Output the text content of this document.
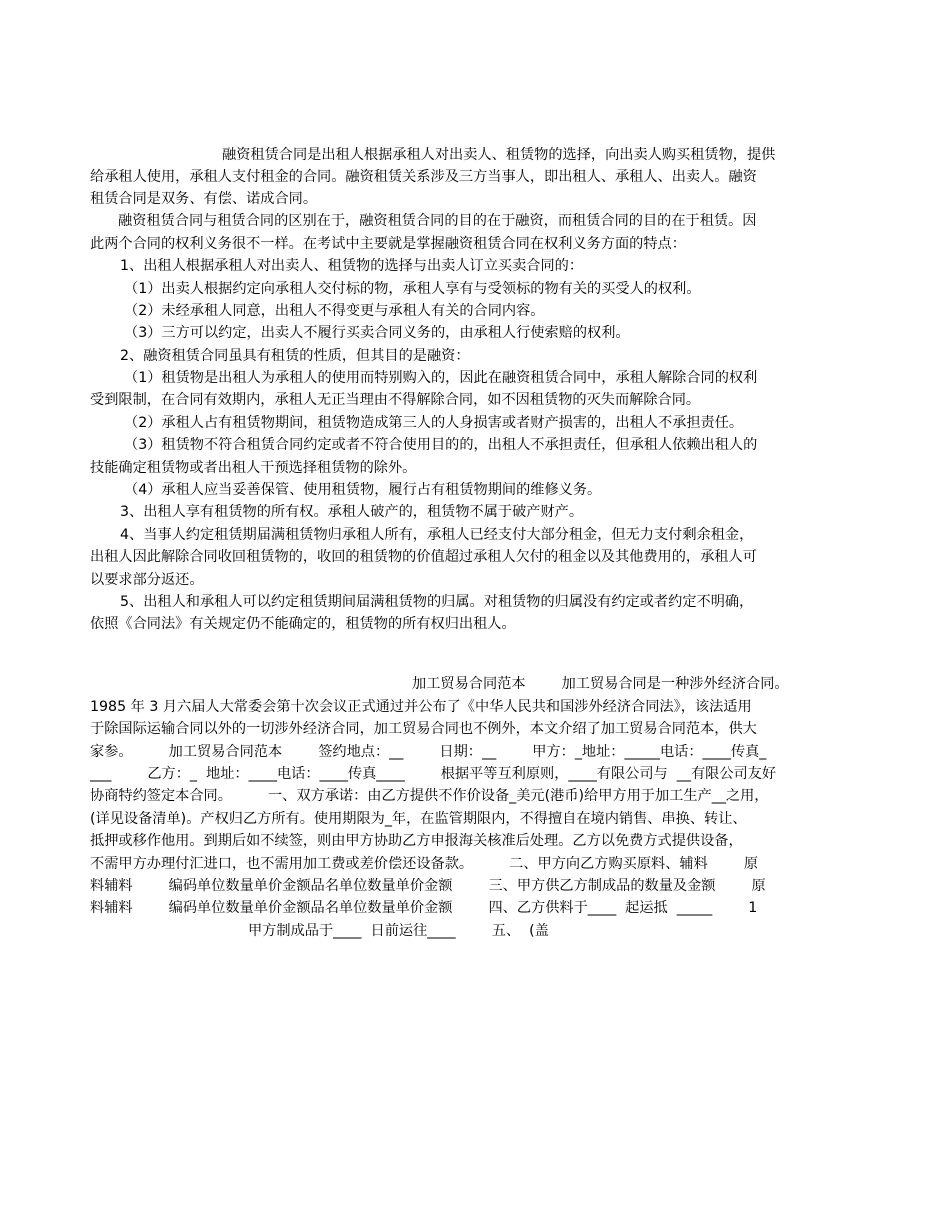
融资租赁合同是出租人根据承租人对出卖人、租赁物的选择，向出卖人购买租赁物，提供
给承租人使用，承租人支付租金的合同。融资租赁关系涉及三方当事人，即出租人、承租人、出卖人。融资
租赁合同是双务、有偿、诺成合同。
融资租赁合同与租赁合同的区别在于，融资租赁合同的目的在于融资，而租赁合同的目的在于租赁。因
此两个合同的权利义务很不一样。在考试中主要就是掌握融资租赁合同在权利义务方面的特点：
1、出租人根据承租人对出卖人、租赁物的选择与出卖人订立买卖合同的：
（1）出卖人根据约定向承租人交付标的物，承租人享有与受领标的物有关的买受人的权利。
（2）未经承租人同意，出租人不得变更与承租人有关的合同内容。
（3）三方可以约定，出卖人不履行买卖合同义务的，由承租人行使索赔的权利。
2、融资租赁合同虽具有租赁的性质，但其目的是融资：
（1）租赁物是出租人为承租人的使用而特别购入的，因此在融资租赁合同中，承租人解除合同的权利
受到限制，在合同有效期内，承租人无正当理由不得解除合同，如不因租赁物的灭失而解除合同。
（2）承租人占有租赁物期间，租赁物造成第三人的人身损害或者财产损害的，出租人不承担责任。
（3）租赁物不符合租赁合同约定或者不符合使用目的的，出租人不承担责任，但承租人依赖出租人的
技能确定租赁物或者出租人干预选择租赁物的除外。
（4）承租人应当妥善保管、使用租赁物，履行占有租赁物期间的维修义务。
3、出租人享有租赁物的所有权。承租人破产的，租赁物不属于破产财产。
4、当事人约定租赁期届满租赁物归承租人所有，承租人已经支付大部分租金，但无力支付剩余租金，
出租人因此解除合同收回租赁物的，收回的租赁物的价值超过承租人欠付的租金以及其他费用的，承租人可
以要求部分返还。
5、出租人和承租人可以约定租赁期间届满租赁物的归属。对租赁物的归属没有约定或者约定不明确，
依照《合同法》有关规定仍不能确定的，租赁物的所有权归出租人。
加工贸易合同范本        加工贸易合同是一种涉外经济合同。
1985 年 3 月六届人大常委会第十次会议正式通过并公布了《中华人民共和国涉外经济合同法》，该法适用
于除国际运输合同以外的一切涉外经济合同，加工贸易合同也不例外，本文介绍了加工贸易合同范本，供大
家参。        加工贸易合同范本        签约地点：__        日期：__        甲方：_地址：_____电话：____传真_
___        乙方：_  地址：____电话：____传真____        根据平等互利原则，____有限公司与  __有限公司友好
协商特约签定本合同。        一、双方承诺：由乙方提供不作价设备_美元(港币)给甲方用于加工生产__之用，
(详见设备清单)。产权归乙方所有。使用期限为_年，在监管期限内，不得擅自在境内销售、串换、转让、
抵押或移作他用。到期后如不续签，则由甲方协助乙方申报海关核准后处理。乙方以免费方式提供设备，
不需甲方办理付汇进口，也不需用加工费或差价偿还设备款。        二、甲方向乙方购买原料、辅料        原
料辅料        编码单位数量单价金额品名单位数量单价金额        三、甲方供乙方制成品的数量及金额        原
料辅料        编码单位数量单价金额品名单位数量单价金额        四、乙方供料于____  起运抵  _____        1
甲方制成品于____  日前运往____        五、  (盖
